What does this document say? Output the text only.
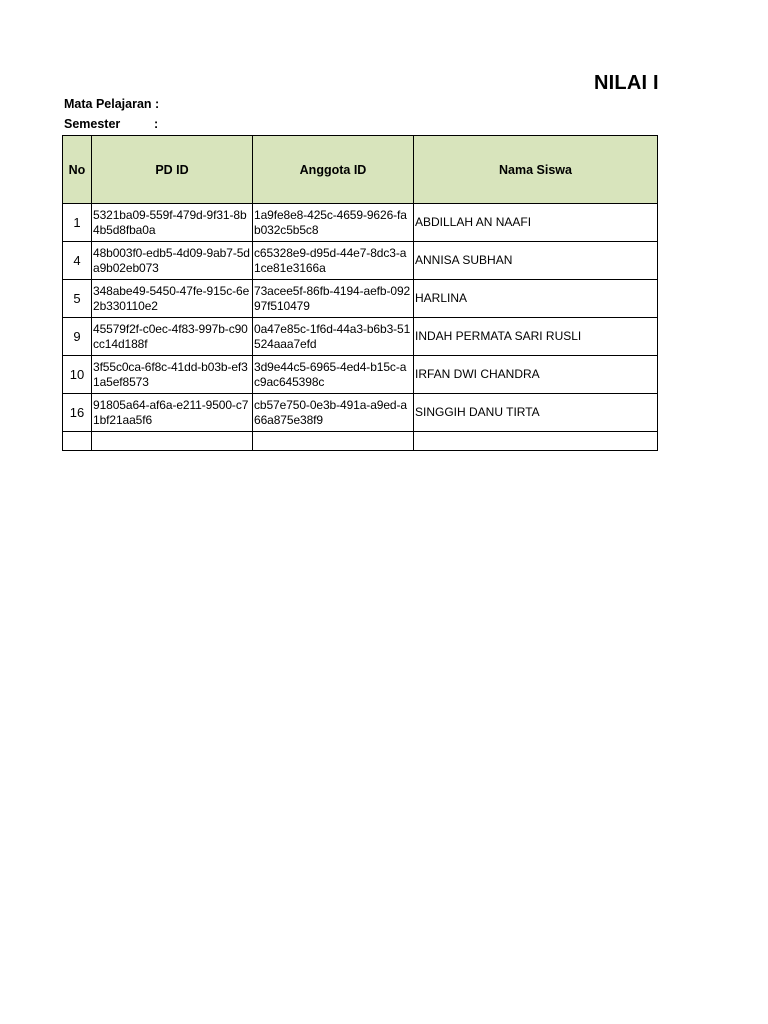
NILAI I
Mata Pelajaran :
Semester	:
No	PD ID	Anggota ID	Nama Siswa
1	5321ba09-559f-479d-9f31-8b4b5d8fba0a	1a9fe8e8-425c-4659-9626-fab032c5b5c8	ABDILLAH AN NAAFI
4	48b003f0-edb5-4d09-9ab7-5da9b02eb073	c65328e9-d95d-44e7-8dc3-a1ce81e3166a	ANNISA SUBHAN
5	348abe49-5450-47fe-915c-6e2b330110e2	73acee5f-86fb-4194-aefb-09297f510479	HARLINA
9	45579f2f-c0ec-4f83-997b-c90cc14d188f	0a47e85c-1f6d-44a3-b6b3-51524aaa7efd	INDAH PERMATA SARI RUSLI
10	3f55c0ca-6f8c-41dd-b03b-ef31a5ef8573	3d9e44c5-6965-4ed4-b15c-ac9ac645398c	IRFAN DWI CHANDRA
16	91805a64-af6a-e211-9500-c71bf21aa5f6	cb57e750-0e3b-491a-a9ed-a66a875e38f9	SINGGIH DANU TIRTA
